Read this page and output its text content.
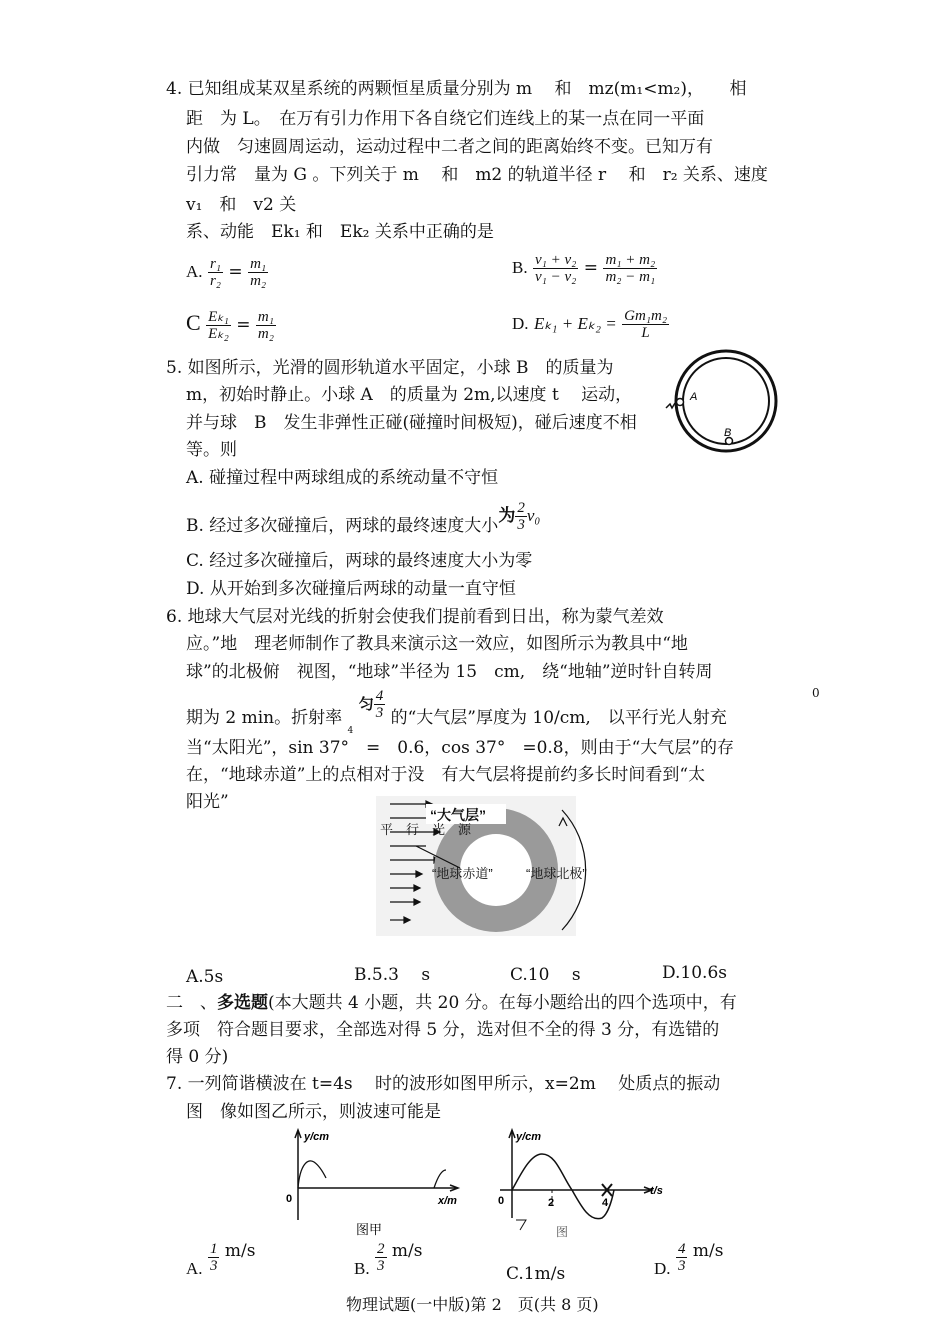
4. 已知组成某双星系统的两颗恒星质量分别为 m　 和　mz(m₁<m₂)，　　相
距　为 L。　在万有引力作用下各自绕它们连线上的某一点在同一平面
内做　匀速圆周运动，运动过程中二者之间的距离始终不变。已知万有
引力常　量为 G 。下列关于 m　 和　m2 的轨道半径 r　 和　r₂ 关系、速度
v₁　和　v2 关
系、动能　Ek₁ 和　Ek₂ 关系中正确的是
A. $\frac{\text{r₁}}{\text{r₂}} = \frac{\text{m₁}}{\text{m₂}}$	B. $\frac{\text{v₁ + v₂}}{\text{v₁ − v₂}} = \frac{\text{m₁ + m₂}}{\text{m₂ − m₁}}$
C $\frac{\text{Eₖ₁}}{\text{Eₖ₂}} = \frac{\text{m₁}}{\text{m₂}}$	D. $E_{k1} + E_{k2} = \frac{\text{Gm₁m₂}}{L}$
5. 如图所示，光滑的圆形轨道水平固定，小球 B　的质量为
m，初始时静止。小球 A　的质量为 2m,以速度 t　 运动，
并与球　B　发生非弹性正碰(碰撞时间极短)，碰后速度不相
等。则
A
B
A. 碰撞过程中两球组成的系统动量不守恒
B. 经过多次碰撞后，两球的最终速度大小为 $\frac{2}{3} v_0$
C. 经过多次碰撞后，两球的最终速度大小为零
D. 从开始到多次碰撞后两球的动量一直守恒
6. 地球大气层对光线的折射会使我们提前看到日出，称为蒙气差效
应。”地　理老师制作了教具来演示这一效应，如图所示为教具中“地
球”的北极俯　视图，“地球”半径为 15　cm,　绕“地轴”逆时针自转周
0
期为 2 min。折射率 $_4$ 匀 $\frac{4}{3}$ 的“大气层”厚度为 10/cm,　以平行光人射充
当“太阳光”，sin 37°　=　0.6，cos 37°　=0.8，则由于“大气层”的存
在，“地球赤道”上的点相对于没　有大气层将提前约多长时间看到“太
阳光”
“大气层”
平　行　光　源
“地球赤道”	“地球北极”
A.5s	B.5.3　 s	C.10　 s	D.10.6s
二　、多选题(本大题共 4 小题，共 20 分。在每小题给出的四个选项中，有
多项　符合题目要求，全部选对得 5 分，选对但不全的得 3 分，有选错的
得 0 分)
7. 一列简谐横波在 t=4s　 时的波形如图甲所示，x=2m　 处质点的振动
图　像如图乙所示，则波速可能是
y/cm
0	x/m
图甲
y/cm
0	2	4
t/s
图
A. $\frac{1}{3} m/s$
B. $\frac{2}{3} m/s$
C.1m/s	D. $\frac{4}{3} m/s$
物理试题(一中版)第 2　页(共 8 页)
